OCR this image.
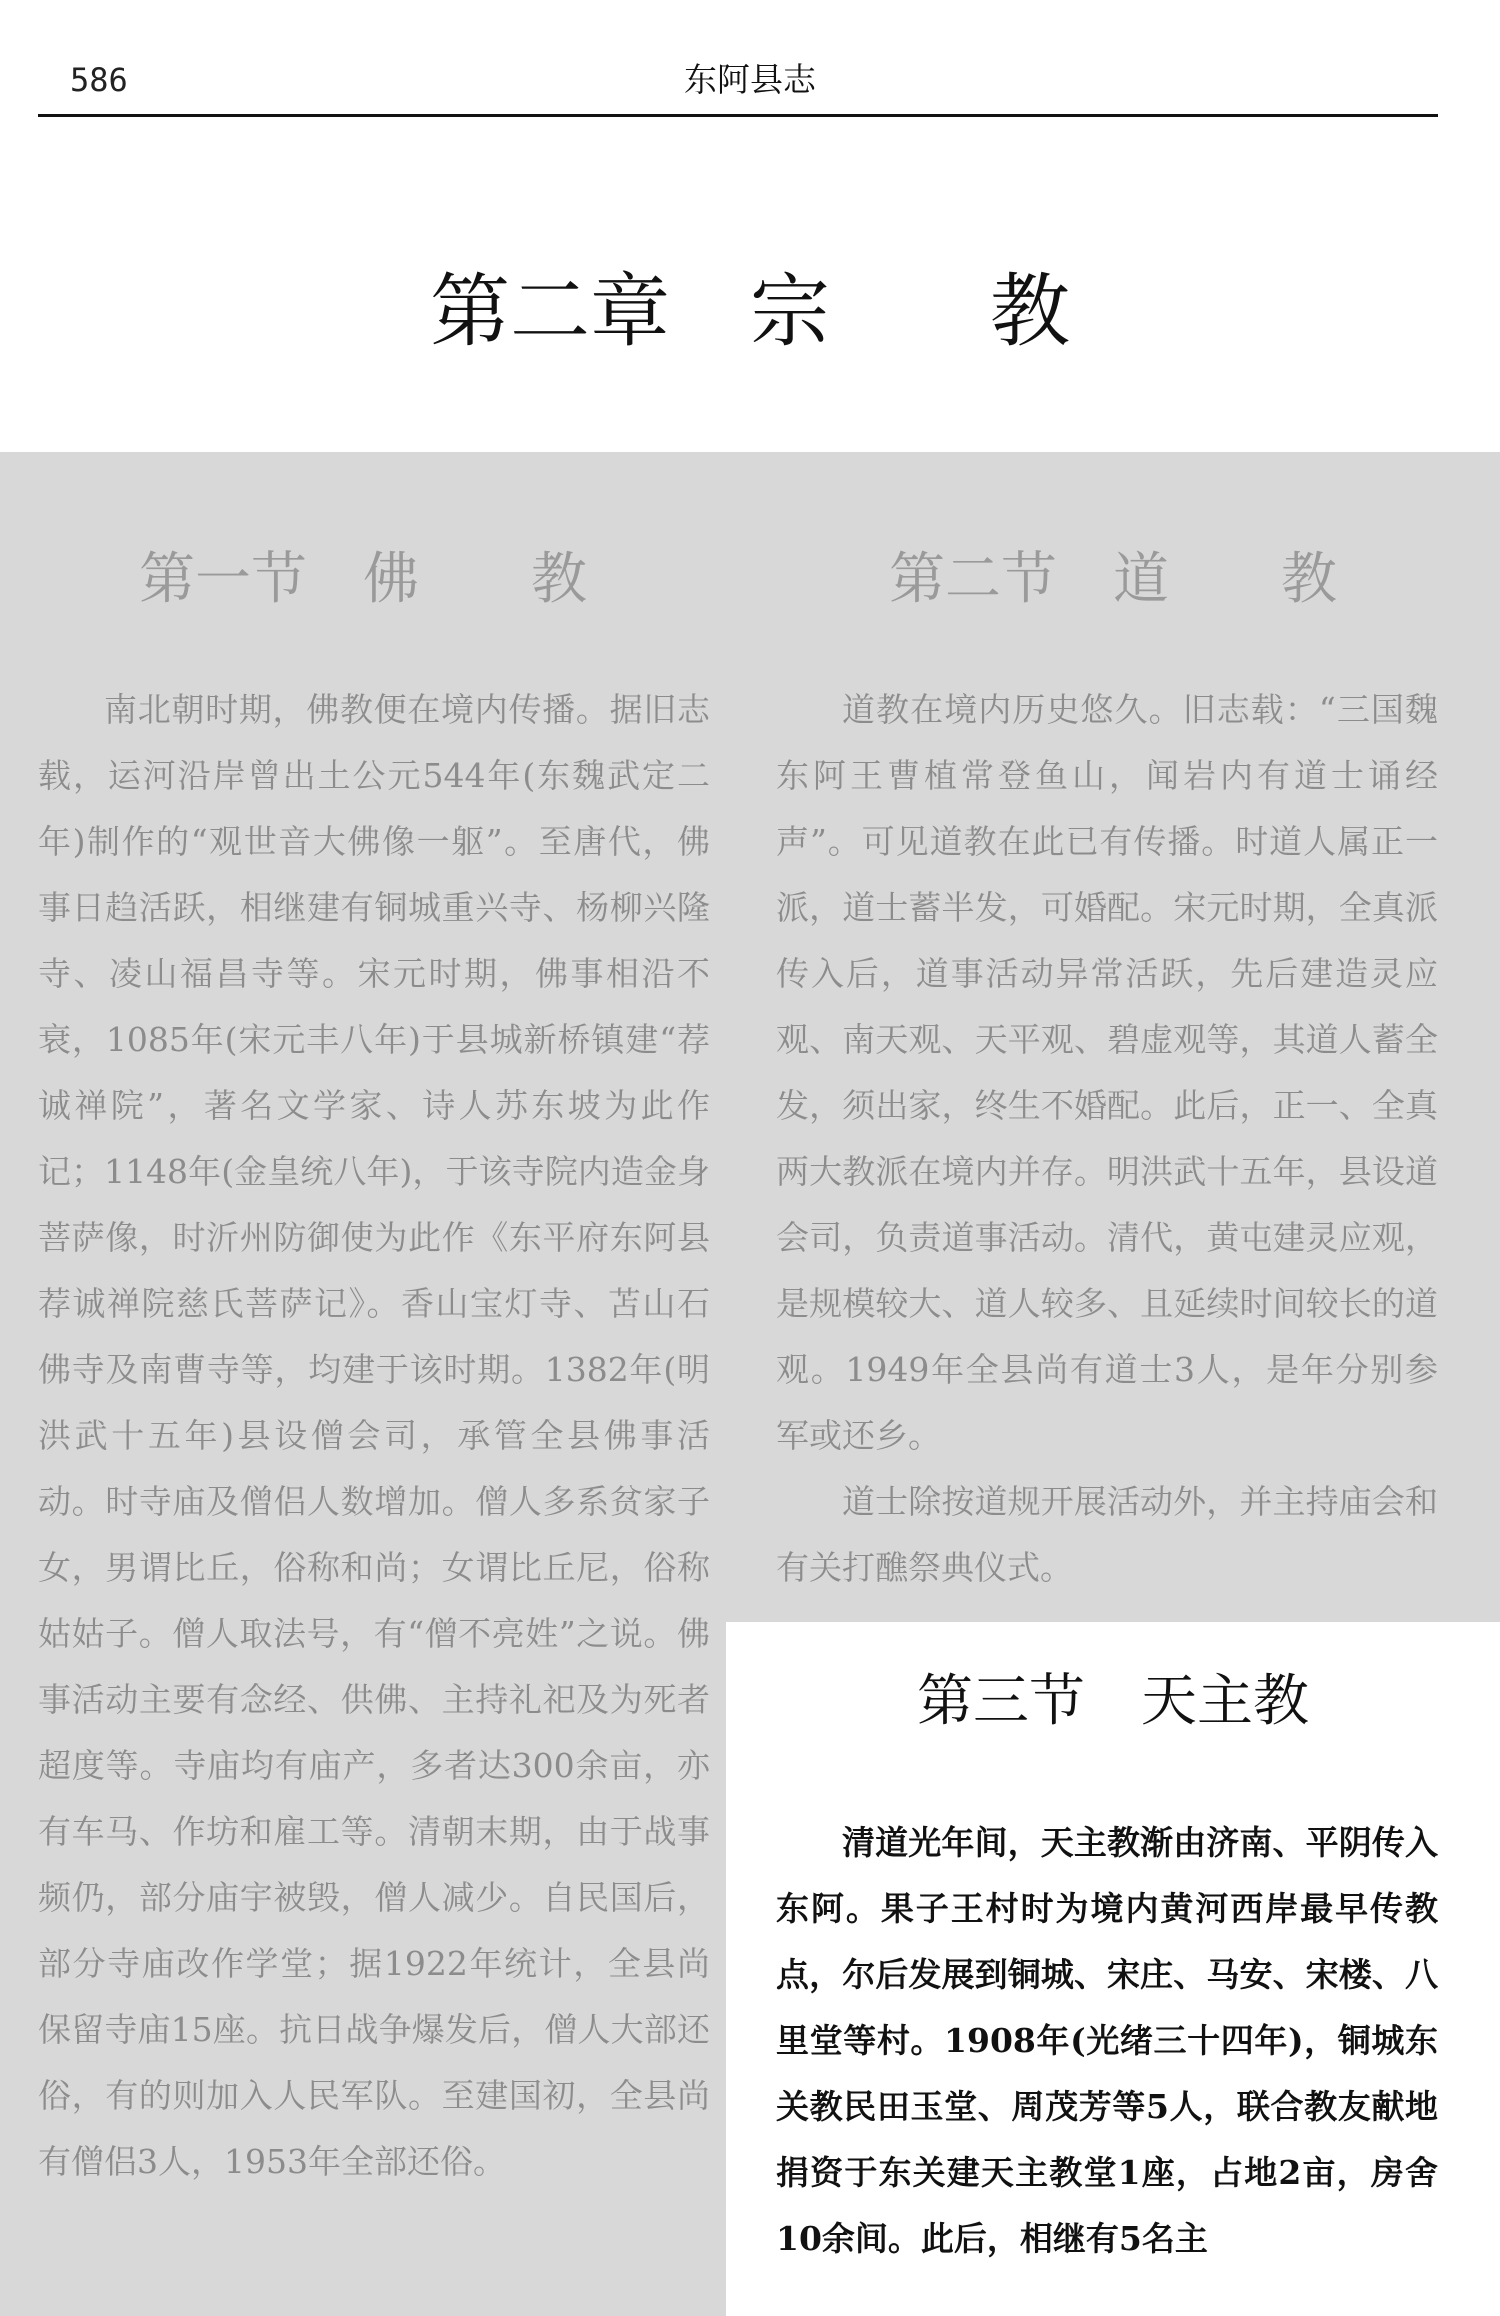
586	东阿县志
第二章　宗　　教
第一节　佛　　教

南北朝时期，佛教便在境内传播。据旧志载，运河沿岸曾出土公元544年(东魏武定二年)制作的“观世音大佛像一躯”。至唐代，佛事日趋活跃，相继建有铜城重兴寺、杨柳兴隆寺、凌山福昌寺等。宋元时期，佛事相沿不衰，1085年(宋元丰八年)于县城新桥镇建“荐诚禅院”，著名文学家、诗人苏东坡为此作记；1148年(金皇统八年)，于该寺院内造金身菩萨像，时沂州防御使为此作《东平府东阿县荐诚禅院慈氏菩萨记》。香山宝灯寺、苫山石佛寺及南曹寺等，均建于该时期。1382年(明洪武十五年)县设僧会司，承管全县佛事活动。时寺庙及僧侣人数增加。僧人多系贫家子女，男谓比丘，俗称和尚；女谓比丘尼，俗称姑姑子。僧人取法号，有“僧不亮姓”之说。佛事活动主要有念经、供佛、主持礼祀及为死者超度等。寺庙均有庙产，多者达300余亩，亦有车马、作坊和雇工等。清朝末期，由于战事频仍，部分庙宇被毁，僧人减少。自民国后，部分寺庙改作学堂；据1922年统计，全县尚保留寺庙15座。抗日战争爆发后，僧人大部还俗，有的则加入人民军队。至建国初，全县尚有僧侣3人，1953年全部还俗。

第二节　道　　教

道教在境内历史悠久。旧志载：“三国魏东阿王曹植常登鱼山，闻岩内有道士诵经声”。可见道教在此已有传播。时道人属正一派，道士蓄半发，可婚配。宋元时期，全真派传入后，道事活动异常活跃，先后建造灵应观、南天观、天平观、碧虚观等，其道人蓄全发，须出家，终生不婚配。此后，正一、全真两大教派在境内并存。明洪武十五年，县设道会司，负责道事活动。清代，黄屯建灵应观，是规模较大、道人较多、且延续时间较长的道观。1949年全县尚有道士3人，是年分别参军或还乡。

道士除按道规开展活动外，并主持庙会和有关打醮祭典仪式。

第三节　天主教

清道光年间，天主教渐由济南、平阴传入东阿。果子王村时为境内黄河西岸最早传教点，尔后发展到铜城、宋庄、马安、宋楼、八里堂等村。1908年(光绪三十四年)，铜城东关教民田玉堂、周茂芳等5人，联合教友献地捐资于东关建天主教堂1座，占地2亩，房舍10余间。此后，相继有5名主
